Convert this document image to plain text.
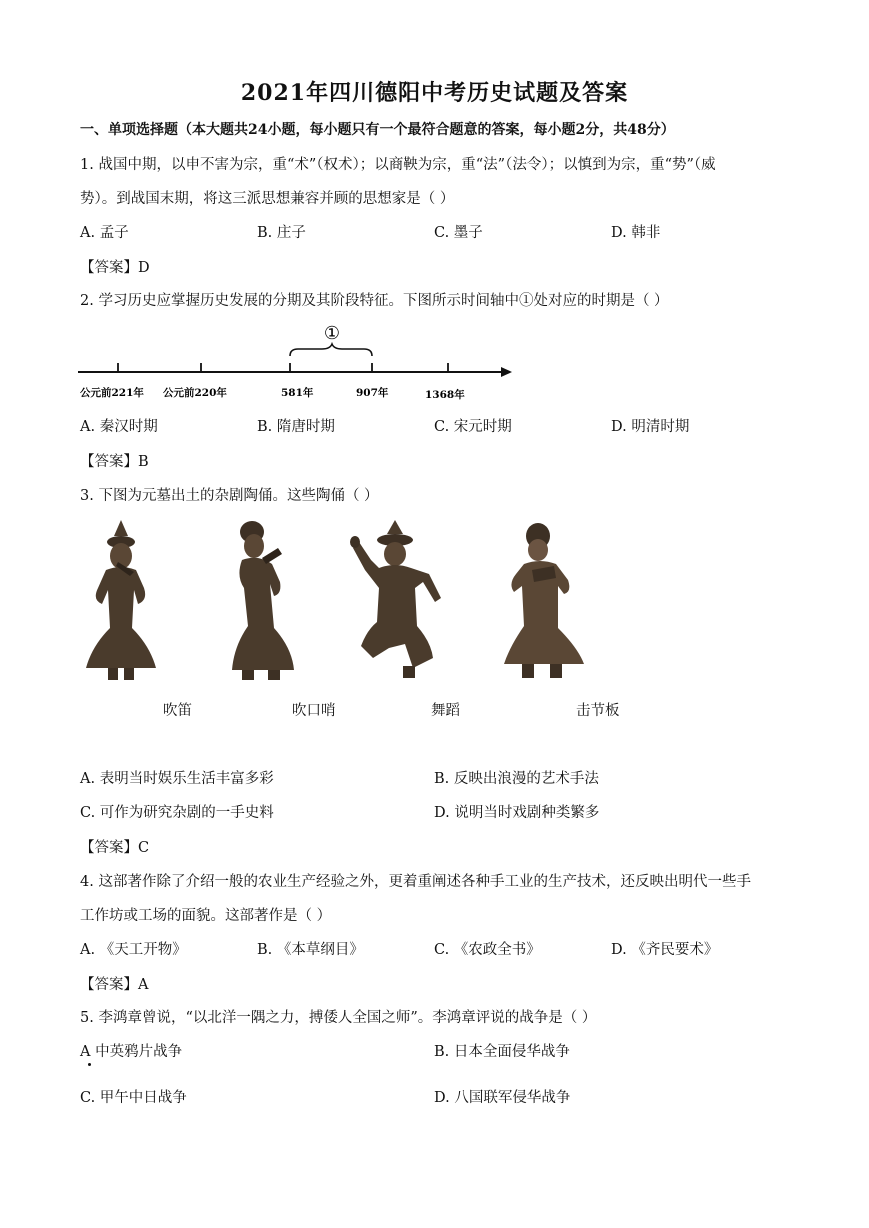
2021年四川德阳中考历史试题及答案
一、单项选择题（本大题共24小题，每小题只有一个最符合题意的答案，每小题2分，共48分）
1. 战国中期，以申不害为宗，重“术”（权术）；以商鞅为宗，重“法”（法令）；以慎到为宗，重“势”（威
势）。到战国末期，将这三派思想兼容并顾的思想家是（ ）
A. 孟子	B. 庄子	C. 墨子	D. 韩非
【答案】D
2. 学习历史应掌握历史发展的分期及其阶段特征。下图所示时间轴中①处对应的时期是（ ）
①
公元前221年 公元前220年	581年	907年	1368年
A. 秦汉时期	B. 隋唐时期	C. 宋元时期	D. 明清时期
【答案】B
3. 下图为元墓出土的杂剧陶俑。这些陶俑（ ）
吹笛	吹口哨	舞蹈	击节板
A. 表明当时娱乐生活丰富多彩	B. 反映出浪漫的艺术手法
C. 可作为研究杂剧的一手史料	D. 说明当时戏剧种类繁多
【答案】C
4. 这部著作除了介绍一般的农业生产经验之外，更着重阐述各种手工业的生产技术，还反映出明代一些手
工作坊或工场的面貌。这部著作是（ ）
A. 《天工开物》	B. 《本草纲目》	C. 《农政全书》	D. 《齐民要术》
【答案】A
5. 李鸿章曾说，“以北洋一隅之力，搏倭人全国之师”。李鸿章评说的战争是（ ）
A 中英鸦片战争	B. 日本全面侵华战争
C. 甲午中日战争	D. 八国联军侵华战争
